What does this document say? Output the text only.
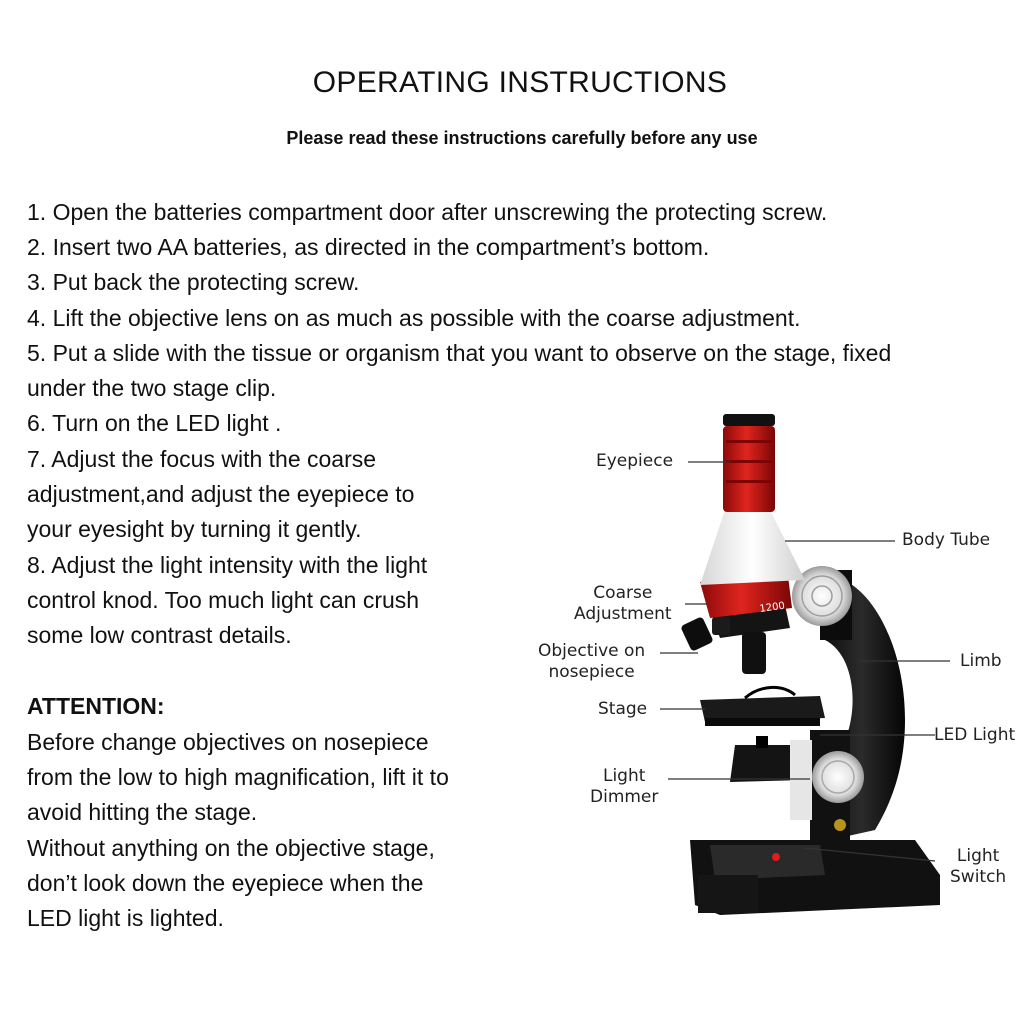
OPERATING INSTRUCTIONS

Please read these instructions carefully before any use

1. Open the batteries compartment door after unscrewing the protecting screw.

2. Insert two AA batteries, as directed in the compartment’s bottom.

3. Put back the protecting screw.

4. Lift the objective lens on as much as possible with the coarse adjustment.

5. Put a slide with the tissue or organism that you want to observe on the stage, fixed

under the two stage clip.

6. Turn on the LED light .

7. Adjust the focus with the coarse

adjustment,and adjust the eyepiece to

your eyesight by turning it gently.

8. Adjust the light intensity with the light

control knod. Too much light can crush

some low contrast details.

ATTENTION:

Before change objectives on nosepiece

from the low to high magnification, lift it to

avoid hitting the stage.

Without anything on the objective stage,

don’t look down the eyepiece when the

LED light is lighted.

1200
Eyepiece
Body Tube
Coarse
Adjustment
Objective on
nosepiece
Limb
Stage
LED Light
Light
Dimmer
Light
Switch
